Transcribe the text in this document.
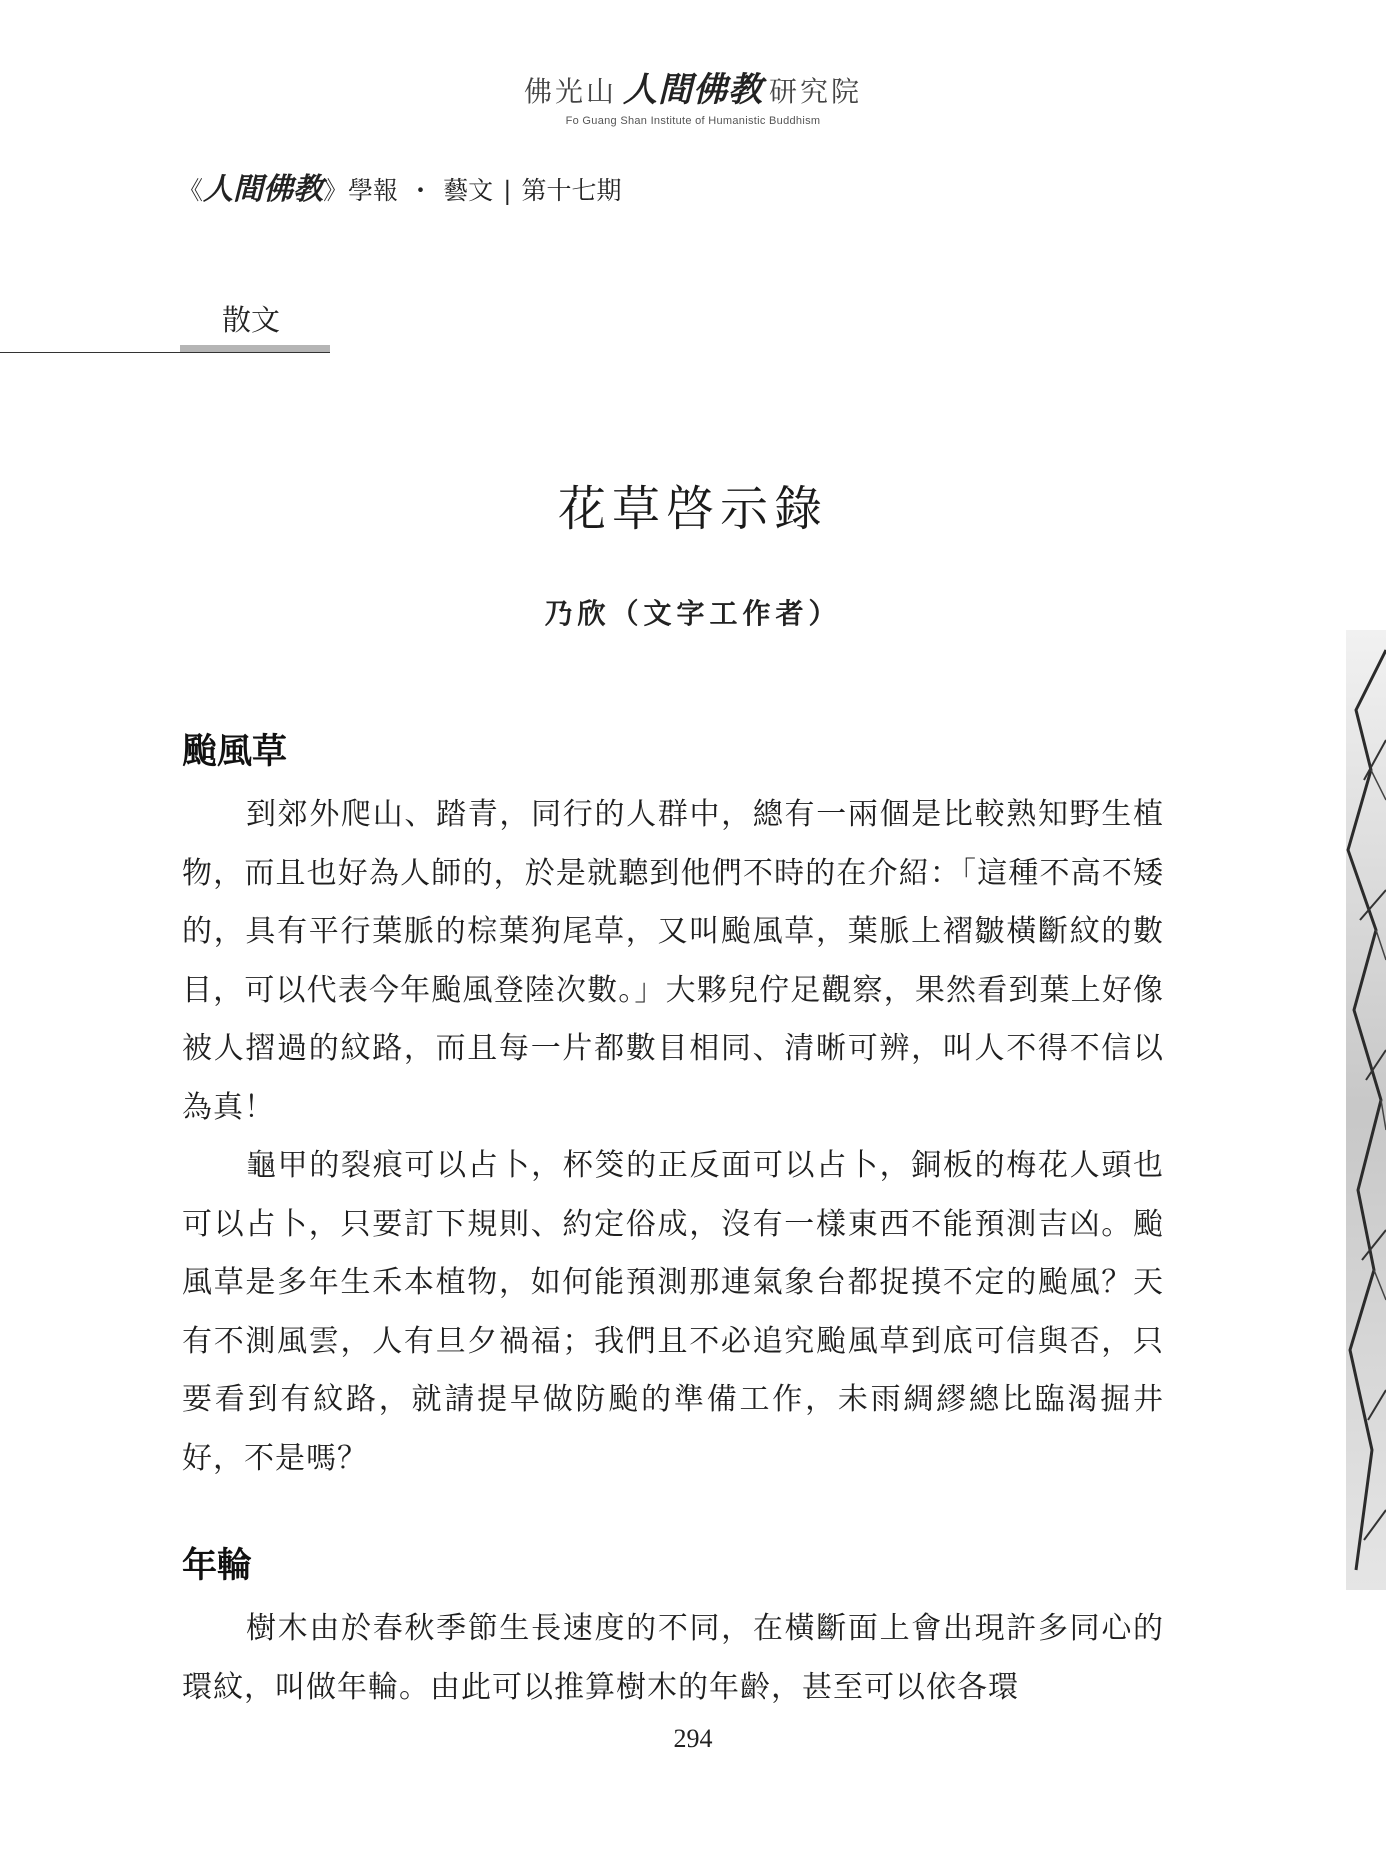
佛光山 人間佛教 研究院
Fo Guang Shan Institute of Humanistic Buddhism
《人間佛教》學報 ・ 藝文 | 第十七期
散文
花草啓示錄
乃欣（文字工作者）
颱風草

到郊外爬山、踏青，同行的人群中，總有一兩個是比較熟知野生植物，而且也好為人師的，於是就聽到他們不時的在介紹：「這種不高不矮的，具有平行葉脈的棕葉狗尾草，又叫颱風草，葉脈上褶皺橫斷紋的數目，可以代表今年颱風登陸次數。」大夥兒佇足觀察，果然看到葉上好像被人摺過的紋路，而且每一片都數目相同、清晰可辨，叫人不得不信以為真！

龜甲的裂痕可以占卜，杯筊的正反面可以占卜，銅板的梅花人頭也可以占卜，只要訂下規則、約定俗成，沒有一樣東西不能預測吉凶。颱風草是多年生禾本植物，如何能預測那連氣象台都捉摸不定的颱風？天有不測風雲，人有旦夕禍福；我們且不必追究颱風草到底可信與否，只要看到有紋路，就請提早做防颱的準備工作，未雨綢繆總比臨渴掘井好，不是嗎？

年輪

樹木由於春秋季節生長速度的不同，在橫斷面上會出現許多同心的環紋，叫做年輪。由此可以推算樹木的年齡，甚至可以依各環

294
